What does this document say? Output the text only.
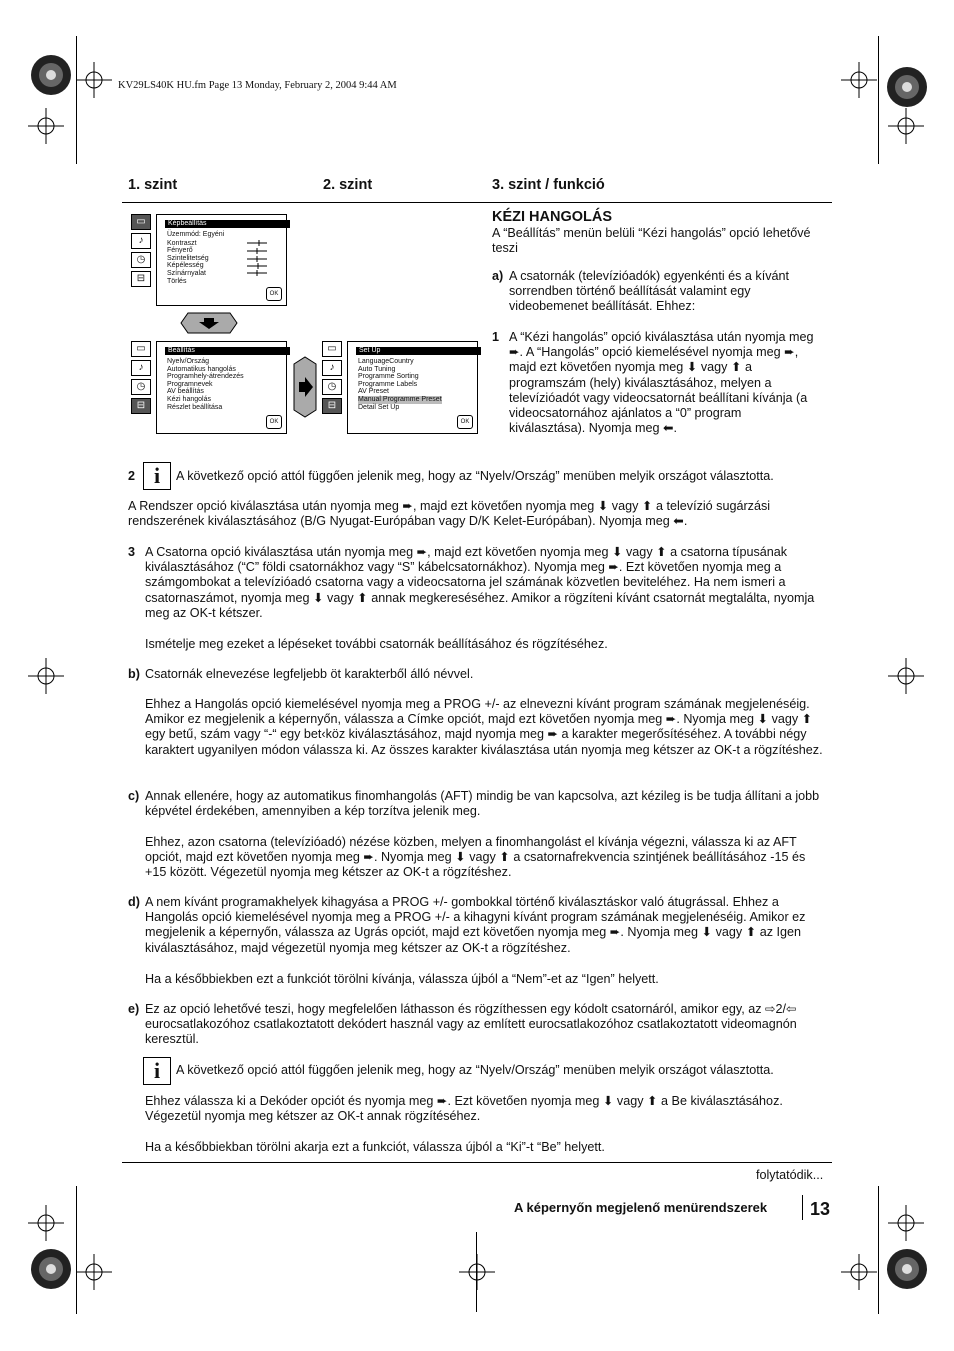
KV29LS40K HU.fm Page 13 Monday, February 2, 2004 9:44 AM
1. szint	2. szint	3. szint / funkció
▭
♪
◷
⊟
Képbeállítás
Üzemmód: Egyéni
Kontraszt
Fényerő
Szintelitetség
Képélesség
Színárnyalat
Törlés
OK
▭
♪
◷
⊟
Beállítás
Nyelv/Ország
Automatikus hangolás
Programhely-átrendezés
Programnevek
AV beállítás
Kézi hangolás
Részlet beállítása
OK
▭
♪
◷
⊟
Set Up
LanguageCountry
Auto Tuning
Programme Sorting
Programme Labels
AV Preset
Manual Programme Preset
Detail Set Up
OK
KÉZI HANGOLÁS
A “Beállítás” menün belüli “Kézi hangolás” opció lehetővé teszi
a) A csatornák (televízióadók) egyenkénti és a kívánt sorrendben történő beállítását valamint egy videobemenet beállítását. Ehhez:
1 A “Kézi hangolás” opció kiválasztása után nyomja meg ➨. A “Hangolás” opció kiemelésével nyomja meg ➨, majd ezt követően nyomja meg ⬇ vagy ⬆ a programszám (hely) kiválasztásához, melyen a televízióadót vagy videocsatornát beállítani kívánja (a videocsatornához ajánlatos a “0” program kiválasztása). Nyomja meg ⬅.
2 i	A következő opció attól függően jelenik meg, hogy az “Nyelv/Ország” menüben melyik országot választotta.
A Rendszer opció kiválasztása után nyomja meg ➨, majd ezt követően nyomja meg ⬇ vagy ⬆ a televízió sugárzási rendszerének kiválasztásához (B/G Nyugat-Európában vagy D/K Kelet-Európában). Nyomja meg ⬅.
3 A Csatorna opció kiválasztása után nyomja meg ➨, majd ezt követően nyomja meg ⬇ vagy ⬆ a csatorna típusának kiválasztásához (“C” földi csatornákhoz vagy “S” kábelcsatornákhoz). Nyomja meg ➨. Ezt követően nyomja meg a számgombokat a televízióadó csatorna vagy a videocsatorna jel számának közvetlen beviteléhez. Ha nem ismeri a csatornaszámot, nyomja meg ⬇ vagy ⬆ annak megkereséséhez. Amikor a rögzíteni kívánt csatornát megtalálta, nyomja meg az OK-t kétszer.
Ismételje meg ezeket a lépéseket további csatornák beállításához és rögzítéséhez.
b) Csatornák elnevezése legfeljebb öt karakterből álló névvel.
Ehhez a Hangolás opció kiemelésével nyomja meg a PROG +/- az elnevezni kívánt program számának megjelenéséig. Amikor ez megjelenik a képernyőn, válassza a Címke opciót, majd ezt követően nyomja meg ➨. Nyomja meg ⬇ vagy ⬆ egy betű, szám vagy “-“ egy bet‹köz kiválasztásához, majd nyomja meg ➨ a karakter megerősítéséhez. A további négy karaktert ugyanilyen módon válassza ki. Az összes karakter kiválasztása után nyomja meg kétszer az OK-t a rögzítéshez.
c) Annak ellenére, hogy az automatikus finomhangolás (AFT) mindig be van kapcsolva, azt kézileg is be tudja állítani a jobb képvétel érdekében, amennyiben a kép torzítva jelenik meg.
Ehhez, azon csatorna (televízióadó) nézése közben, melyen a finomhangolást el kívánja végezni, válassza ki az AFT opciót, majd ezt követően nyomja meg ➨. Nyomja meg ⬇ vagy ⬆ a csatornafrekvencia szintjének beállításához -15 és +15 között. Végezetül nyomja meg kétszer az OK-t a rögzítéshez.
d) A nem kívánt programakhelyek kihagyása a PROG +/- gombokkal történő kiválasztáskor való átugrással. Ehhez a Hangolás opció kiemelésével nyomja meg a PROG +/- a kihagyni kívánt program számának megjelenéséig. Amikor ez megjelenik a képernyőn, válassza az Ugrás opciót, majd ezt követően nyomja meg ➨. Nyomja meg ⬇ vagy ⬆ az Igen kiválasztásához, majd végezetül nyomja meg kétszer az OK-t a rögzítéshez.
Ha a későbbiekben ezt a funkciót törölni kívánja, válassza újból a “Nem”-et az “Igen” helyett.
e) Ez az opció lehetővé teszi, hogy megfelelően láthasson és rögzíthessen egy kódolt csatornáról, amikor egy, az ⇨2/⇦ eurocsatlakozóhoz csatlakoztatott dekódert használ vagy az említett eurocsatlakozóhoz csatlakoztatott videomagnón keresztül.
i	A következő opció attól függően jelenik meg, hogy az “Nyelv/Ország” menüben melyik országot választotta.
Ehhez válassza ki a Dekóder opciót és nyomja meg ➨. Ezt követően nyomja meg ⬇ vagy ⬆ a Be kiválasztásához. Végezetül nyomja meg kétszer az OK-t annak rögzítéséhez.
Ha a későbbiekban törölni akarja ezt a funkciót, válassza újból a “Ki”-t “Be” helyett.
folytatódik...
A képernyőn megjelenő menürendszerek 13
